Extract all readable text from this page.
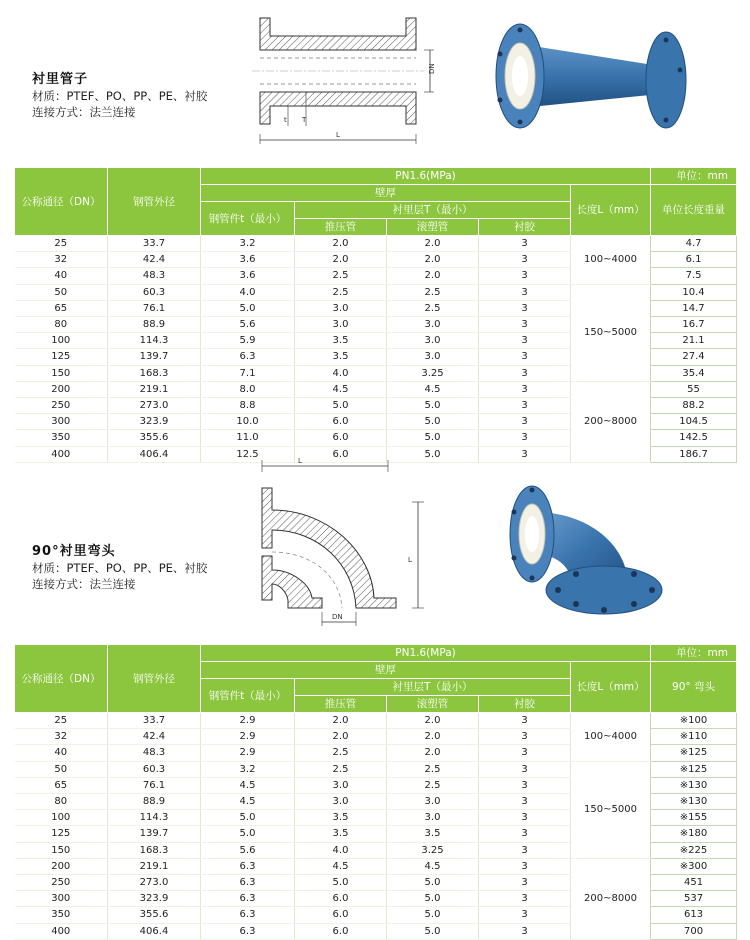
衬里管子
材质：PTEF、PO、PP、PE、衬胶
连接方式：法兰连接
DN
t T
L
公称通径（DN）	钢管外径	PN1.6(MPa)					单位：mm
		壁厚				长度L（mm）	单位长度重量
		钢管件t（最小）	衬里层T（最小）				
			推压管	滚塑管	衬胶		
25	33.7	3.2	2.0	2.0	3	100~4000	4.7
32	42.4	3.6	2.0	2.0	3		6.1
40	48.3	3.6	2.5	2.0	3		7.5
50	60.3	4.0	2.5	2.5	3	150~5000	10.4
65	76.1	5.0	3.0	2.5	3		14.7
80	88.9	5.6	3.0	3.0	3		16.7
100	114.3	5.9	3.5	3.0	3		21.1
125	139.7	6.3	3.5	3.0	3		27.4
150	168.3	7.1	4.0	3.25	3		35.4
200	219.1	8.0	4.5	4.5	3	200~8000	55
250	273.0	8.8	5.0	5.0	3		88.2
300	323.9	10.0	6.0	5.0	3		104.5
350	355.6	11.0	6.0	5.0	3		142.5
400	406.4	12.5	6.0	5.0	3		186.7
90°衬里弯头
材质：PTEF、PO、PP、PE、衬胶
连接方式：法兰连接
L
L
DN
公称通径（DN）	钢管外径	PN1.6(MPa)					单位：mm
		壁厚				长度L（mm）	90° 弯头
		钢管件t（最小）	衬里层T（最小）				
			推压管	滚塑管	衬胶		
25	33.7	2.9	2.0	2.0	3	100~4000	※100
32	42.4	2.9	2.0	2.0	3		※110
40	48.3	2.9	2.5	2.0	3		※125
50	60.3	3.2	2.5	2.5	3	150~5000	※125
65	76.1	4.5	3.0	2.5	3		※130
80	88.9	4.5	3.0	3.0	3		※130
100	114.3	5.0	3.5	3.0	3		※155
125	139.7	5.0	3.5	3.5	3		※180
150	168.3	5.6	4.0	3.25	3		※225
200	219.1	6.3	4.5	4.5	3	200~8000	※300
250	273.0	6.3	5.0	5.0	3		451
300	323.9	6.3	6.0	5.0	3		537
350	355.6	6.3	6.0	5.0	3		613
400	406.4	6.3	6.0	5.0	3		700
